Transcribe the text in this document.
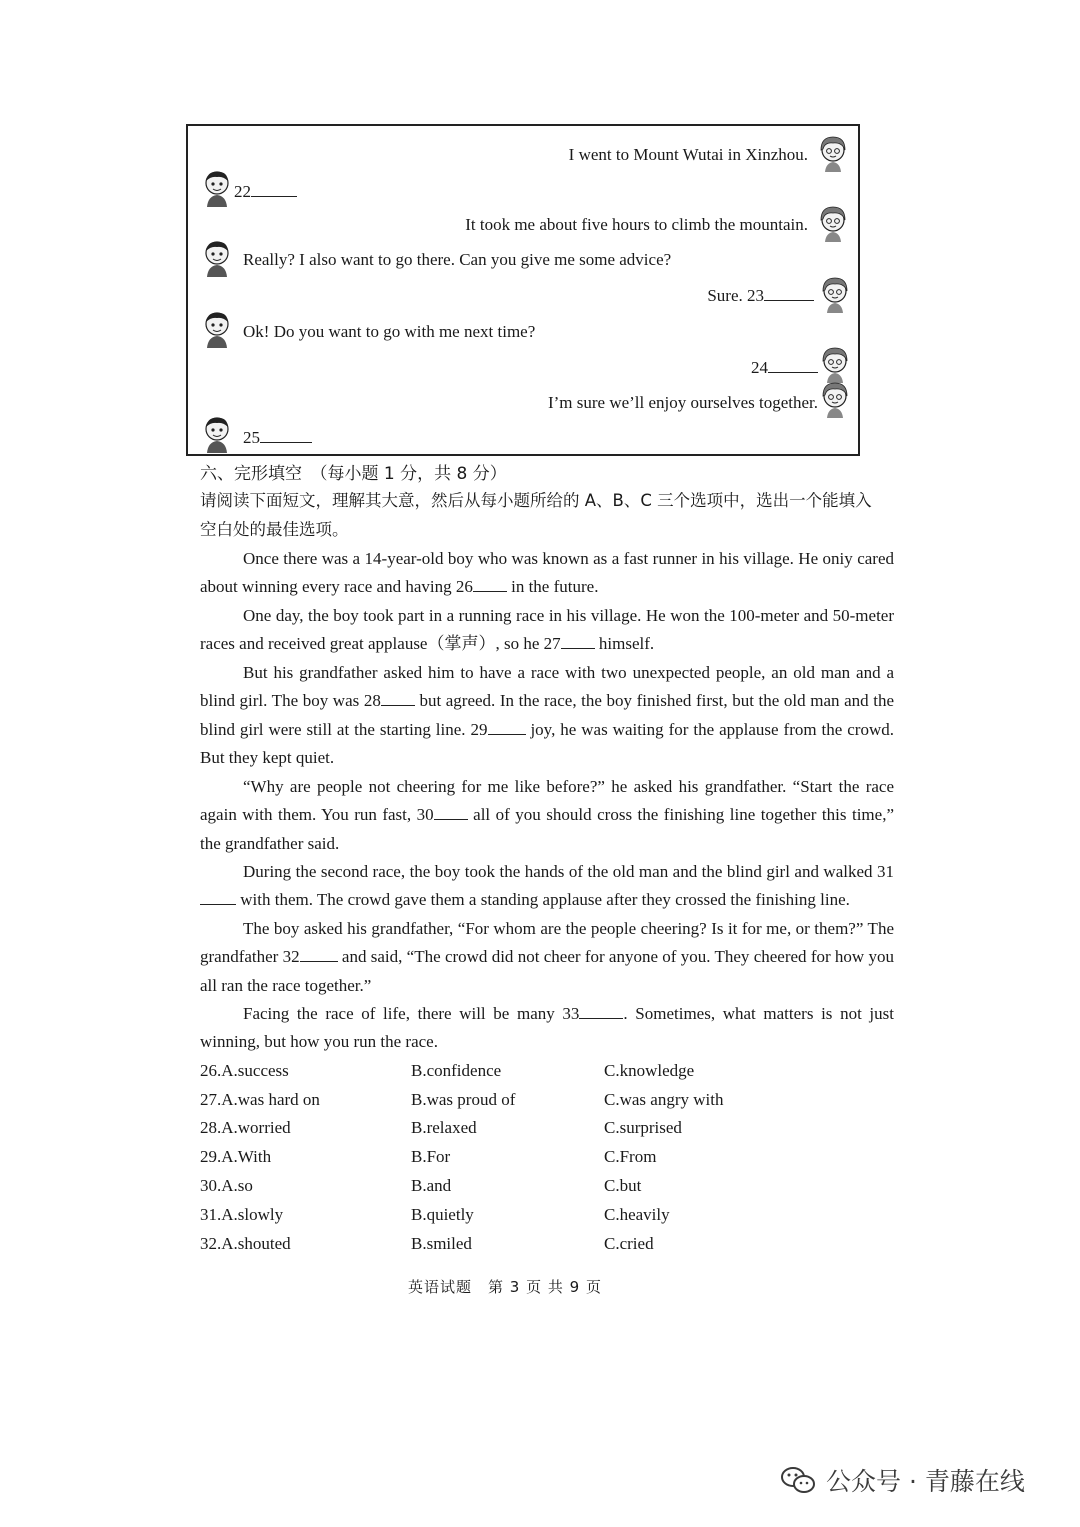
I went to Mount Wutai in Xinzhou.
22
It took me about five hours to climb the mountain.
Really? I also want to go there. Can you give me some advice?
Sure. 23
Ok! Do you want to go with me next time?
24
I’m sure we’ll enjoy ourselves together.
25
六、完形填空　（每小题 1 分，共 8 分）
请阅读下面短文，理解其大意，然后从每小题所给的 A、B、C 三个选项中，选出一个能填入
空白处的最佳选项。
Once there was a 14-year-old boy who was known as a fast runner in his village. He oniy cared about winning every race and having 26 in the future.
One day, the boy took part in a running race in his village. He won the 100-meter and 50-meter races and received great applause（掌声）, so he 27 himself.
But his grandfather asked him to have a race with two unexpected people, an old man and a blind girl. The boy was 28 but agreed. In the race, the boy finished first, but the old man and the blind girl were still at the starting line. 29 joy, he was waiting for the applause from the crowd. But they kept quiet.
“Why are people not cheering for me like before?” he asked his grandfather. “Start the race again with them. You run fast, 30 all of you should cross the finishing line together this time,” the grandfather said.
During the second race, the boy took the hands of the old man and the blind girl and walked 31 with them. The crowd gave them a standing applause after they crossed the finishing line.
The boy asked his grandfather, “For whom are the people cheering? Is it for me, or them?” The grandfather 32 and said, “The crowd did not cheer for anyone of you. They cheered for how you all ran the race together.”
Facing the race of life, there will be many 33	. Sometimes, what matters is not just winning, but how you run the race.
26.A.success	B.confidence	C.knowledge
27.A.was hard on	B.was proud of	C.was angry with
28.A.worried	B.relaxed	C.surprised
29.A.With	B.For	C.From
30.A.so	B.and	C.but
31.A.slowly	B.quietly	C.heavily
32.A.shouted	B.smiled	C.cried
英语试题　第 3 页 共 9 页
公众号 · 青藤在线
